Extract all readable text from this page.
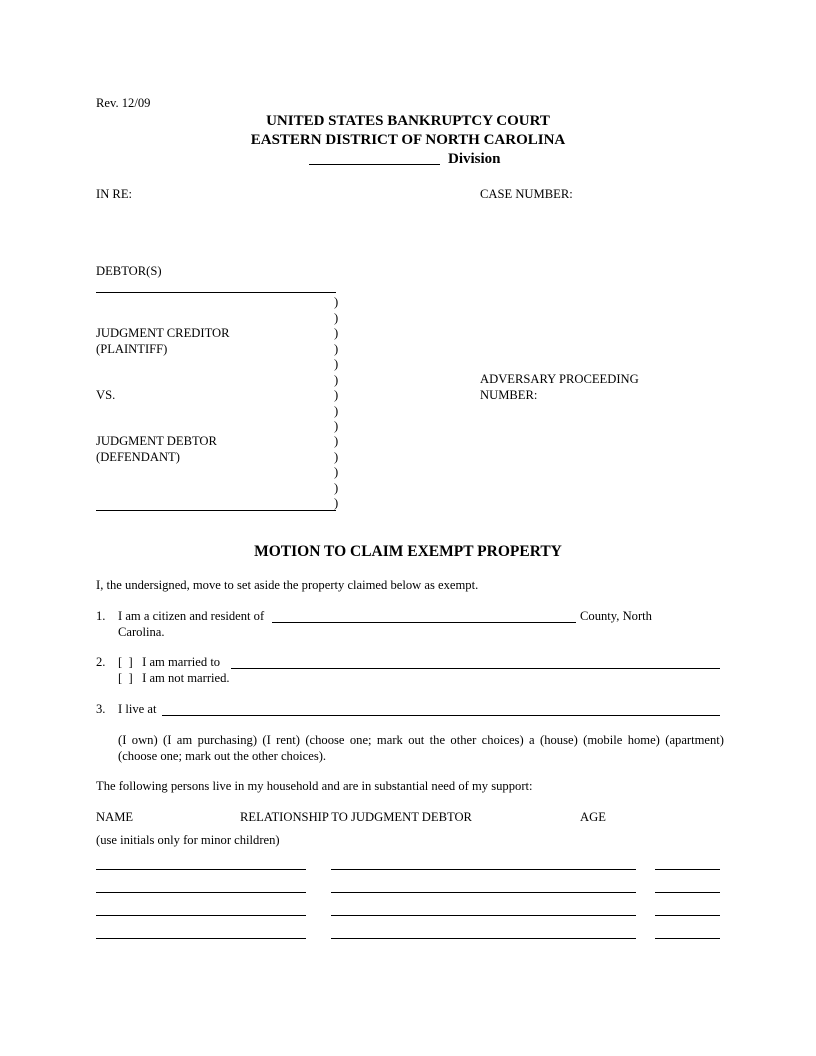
Rev. 12/09
UNITED STATES BANKRUPTCY COURT
EASTERN DISTRICT OF NORTH CAROLINA
Division
IN RE:	CASE NUMBER:
DEBTOR(S)
JUDGMENT CREDITOR
(PLAINTIFF)
VS.
JUDGMENT DEBTOR
(DEFENDANT)
)
)
)
)
)
)
)
)
)
)
)
)
)
)
ADVERSARY PROCEEDING
NUMBER:
MOTION TO CLAIM EXEMPT PROPERTY
I, the undersigned, move to set aside the property claimed below as exempt.
1. I am a citizen and resident of	County, North
Carolina.
2. [  ]   I am married to
[  ]   I am not married.
3. I live at
(I own) (I am purchasing) (I rent) (choose one; mark out the other choices) a (house) (mobile home) (apartment) (choose one; mark out the other choices).
The following persons live in my household and are in substantial need of my support:
NAME	RELATIONSHIP TO JUDGMENT DEBTOR	AGE
(use initials only for minor children)
